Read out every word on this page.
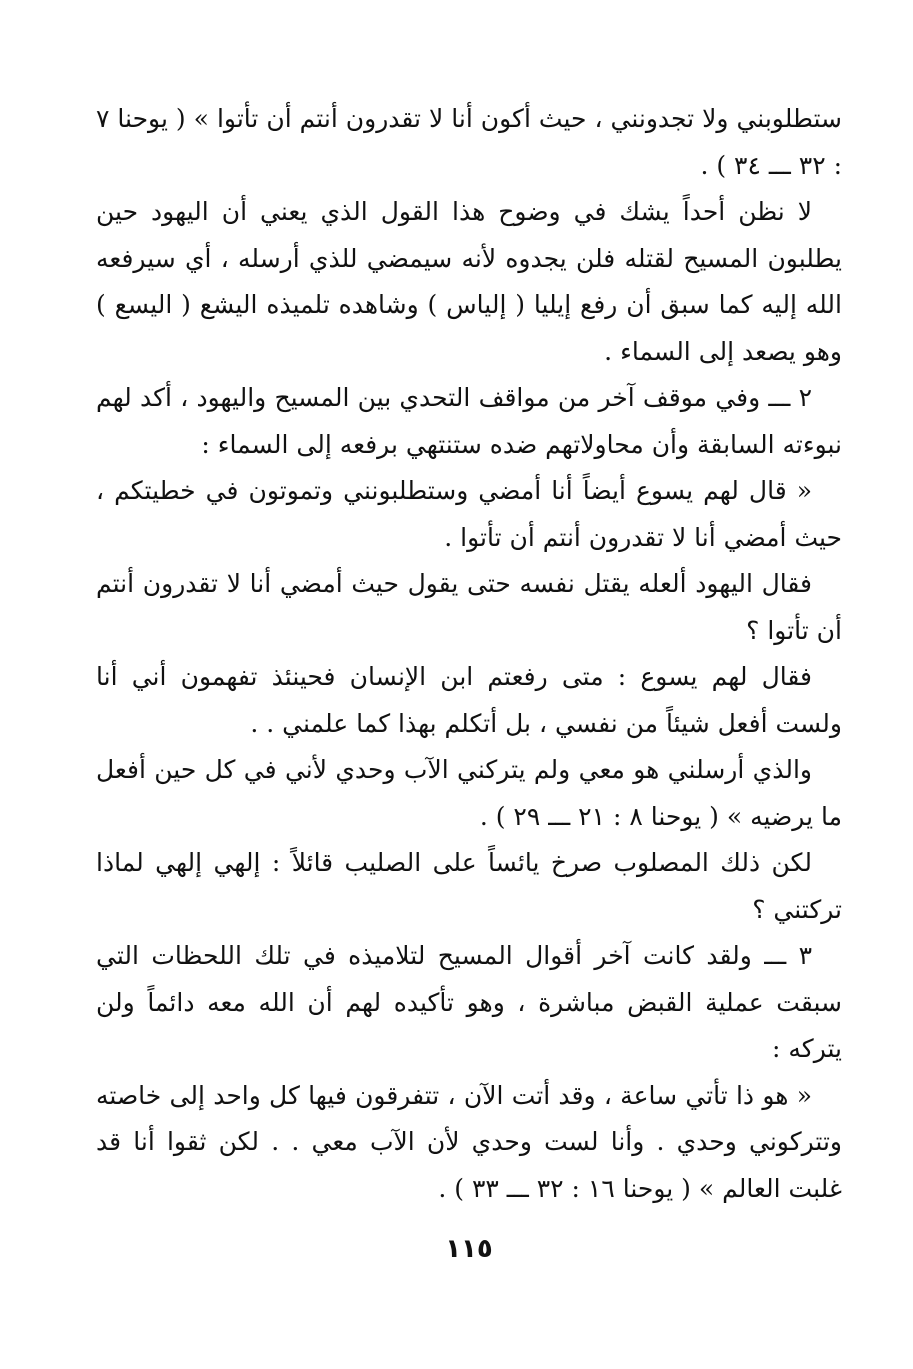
ستطلوبني ولا تجدونني ، حيث أكون أنا لا تقدرون أنتم أن تأتوا » ( يوحنا ٧ : ٣٢ ـــ ٣٤ ) .

لا نظن أحداً يشك في وضوح هذا القول الذي يعني أن اليهود حين يطلبون المسيح لقتله فلن يجدوه لأنه سيمضي للذي أرسله ، أي سيرفعه الله إليه كما سبق أن رفع إيليا ( إلياس ) وشاهده تلميذه اليشع ( اليسع ) وهو يصعد إلى السماء .

٢ ـــ وفي موقف آخر من مواقف التحدي بين المسيح واليهود ، أكد لهم نبوءته السابقة وأن محاولاتهم ضده ستنتهي برفعه إلى السماء :

« قال لهم يسوع أيضاً أنا أمضي وستطلبونني وتموتون في خطيتكم ، حيث أمضي أنا لا تقدرون أنتم أن تأتوا .

فقال اليهود ألعله يقتل نفسه حتى يقول حيث أمضي أنا لا تقدرون أنتم أن تأتوا ؟

فقال لهم يسوع : متى رفعتم ابن الإنسان فحينئذ تفهمون أني أنا ولست أفعل شيئاً من نفسي ، بل أتكلم بهذا كما علمني . .

والذي أرسلني هو معي ولم يتركني الآب وحدي لأني في كل حين أفعل ما يرضيه » ( يوحنا ٨ : ٢١ ـــ ٢٩ ) .

لكن ذلك المصلوب صرخ يائساً على الصليب قائلاً : إلهي إلهي لماذا تركتني ؟

٣ ـــ ولقد كانت آخر أقوال المسيح لتلاميذه في تلك اللحظات التي سبقت عملية القبض مباشرة ، وهو تأكيده لهم أن الله معه دائماً ولن يتركه :

« هو ذا تأتي ساعة ، وقد أتت الآن ، تتفرقون فيها كل واحد إلى خاصته وتتركوني وحدي . وأنا لست وحدي لأن الآب معي . . لكن ثقوا أنا قد غلبت العالم » ( يوحنا ١٦ : ٣٢ ـــ ٣٣ ) .

١١٥
